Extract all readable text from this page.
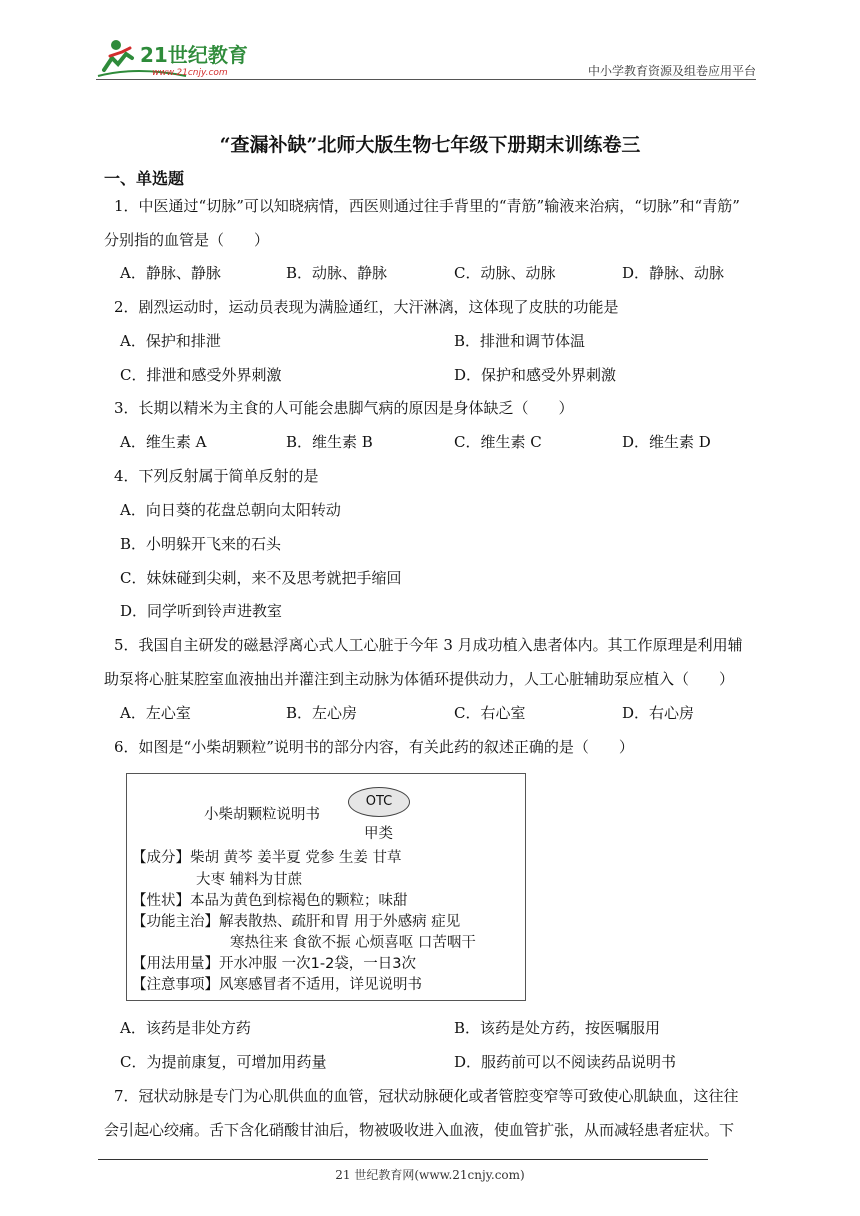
21世纪教育
www.21cnjy.com	中小学教育资源及组卷应用平台
“查漏补缺”北师大版生物七年级下册期末训练卷三
一、单选题
1．中医通过“切脉”可以知晓病情，西医则通过往手背里的“青筋”输液来治病，“切脉”和“青筋”
分别指的血管是（　　）
A．静脉、静脉	B．动脉、静脉	C．动脉、动脉	D．静脉、动脉
2．剧烈运动时，运动员表现为满脸通红，大汗淋漓，这体现了皮肤的功能是
A．保护和排泄	B．排泄和调节体温
C．排泄和感受外界刺激	D．保护和感受外界刺激
3．长期以精米为主食的人可能会患脚气病的原因是身体缺乏（　　）
A．维生素 A	B．维生素 B	C．维生素 C	D．维生素 D
4．下列反射属于简单反射的是
A．向日葵的花盘总朝向太阳转动
B．小明躲开飞来的石头
C．妹妹碰到尖刺，来不及思考就把手缩回
D．同学听到铃声进教室
5．我国自主研发的磁悬浮离心式人工心脏于今年 3 月成功植入患者体内。其工作原理是利用辅
助泵将心脏某腔室血液抽出并灌注到主动脉为体循环提供动力，人工心脏辅助泵应植入（　　）
A．左心室	B．左心房	C．右心室	D．右心房
6．如图是“小柴胡颗粒”说明书的部分内容，有关此药的叙述正确的是（　　）
小柴胡颗粒说明书
OTC
甲类
【成分】柴胡 黄芩 姜半夏 党参 生姜 甘草
大枣 辅料为甘蔗
【性状】本品为黄色到棕褐色的颗粒；味甜
【功能主治】解表散热、疏肝和胃 用于外感病 症见
寒热往来 食欲不振 心烦喜呕 口苦咽干
【用法用量】开水冲服 一次1-2袋，一日3次
【注意事项】风寒感冒者不适用，详见说明书
A．该药是非处方药	B．该药是处方药，按医嘱服用
C．为提前康复，可增加用药量	D．服药前可以不阅读药品说明书
7．冠状动脉是专门为心肌供血的血管，冠状动脉硬化或者管腔变窄等可致使心肌缺血，这往往
会引起心绞痛。舌下含化硝酸甘油后，物被吸收进入血液，使血管扩张，从而减轻患者症状。下
21 世纪教育网(www.21cnjy.com)
